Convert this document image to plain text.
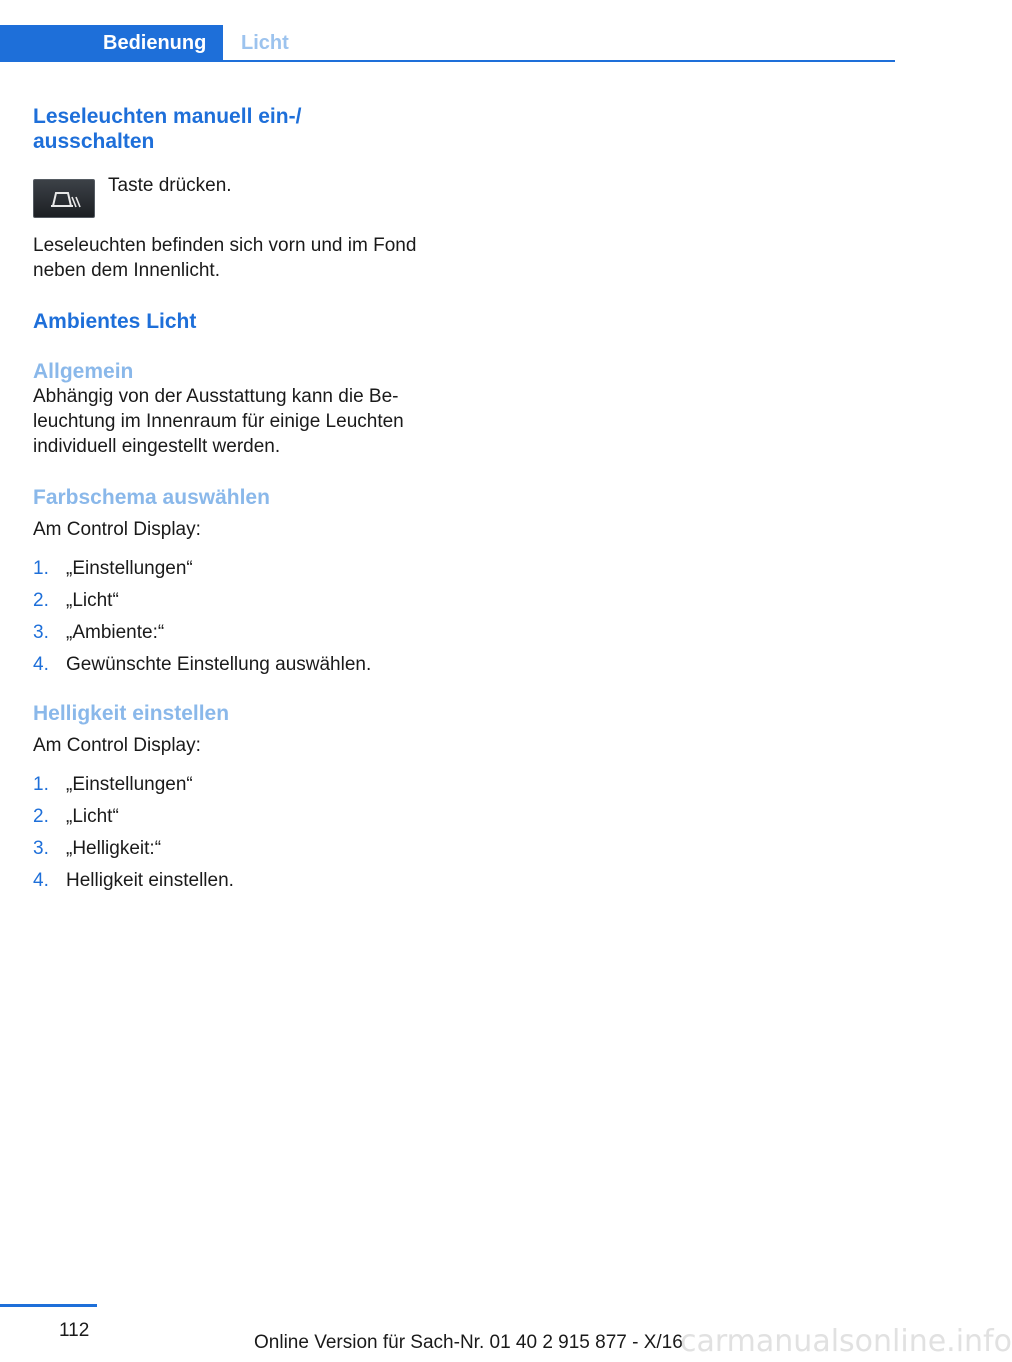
Bedienung	Licht
Leseleuchten manuell ein-/
ausschalten
Taste drücken.

Leseleuchten befinden sich vorn und im Fond
neben dem Innenlicht.

Ambientes Licht
Allgemein

Abhängig von der Ausstattung kann die Be‐
leuchtung im Innenraum für einige Leuchten
individuell eingestellt werden.

Farbschema auswählen

Am Control Display:

1. „Einstellungen“
2. „Licht“
3. „Ambiente:“
4. Gewünschte Einstellung auswählen.
Helligkeit einstellen

Am Control Display:

1. „Einstellungen“
2. „Licht“
3. „Helligkeit:“
4. Helligkeit einstellen.
112
Online Version für Sach-Nr. 01 40 2 915 877 - X/16
carmanualsonline.info
